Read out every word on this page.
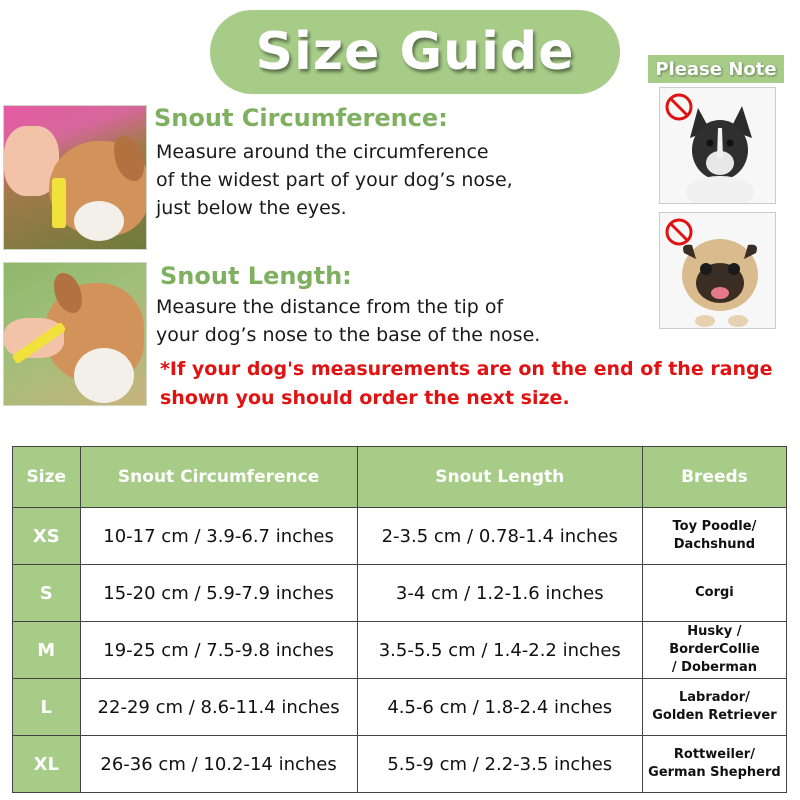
Size Guide	Please Note
Snout Circumference:
Measure around the circumference
of the widest part of your dog’s nose,
just below the eyes.
Snout Length:
Measure the distance from the tip of
your dog’s nose to the base of the nose.
*If your dog's measurements are on the end of the range
shown you should order the next size.
Size	Snout Circumference	Snout Length	Breeds
XS	10-17 cm / 3.9-6.7 inches	2-3.5 cm / 0.78-1.4 inches	Toy Poodle/
Dachshund

S	15-20 cm / 5.9-7.9 inches	3-4 cm / 1.2-1.6 inches	Corgi

M	19-25 cm / 7.5-9.8 inches	3.5-5.5 cm / 1.4-2.2 inches	Husky / BorderCollie
/ Doberman

L	22-29 cm / 8.6-11.4 inches	4.5-6 cm / 1.8-2.4 inches	Labrador/
Golden Retriever

XL	26-36 cm / 10.2-14 inches	5.5-9 cm / 2.2-3.5 inches	Rottweiler/
German Shepherd
